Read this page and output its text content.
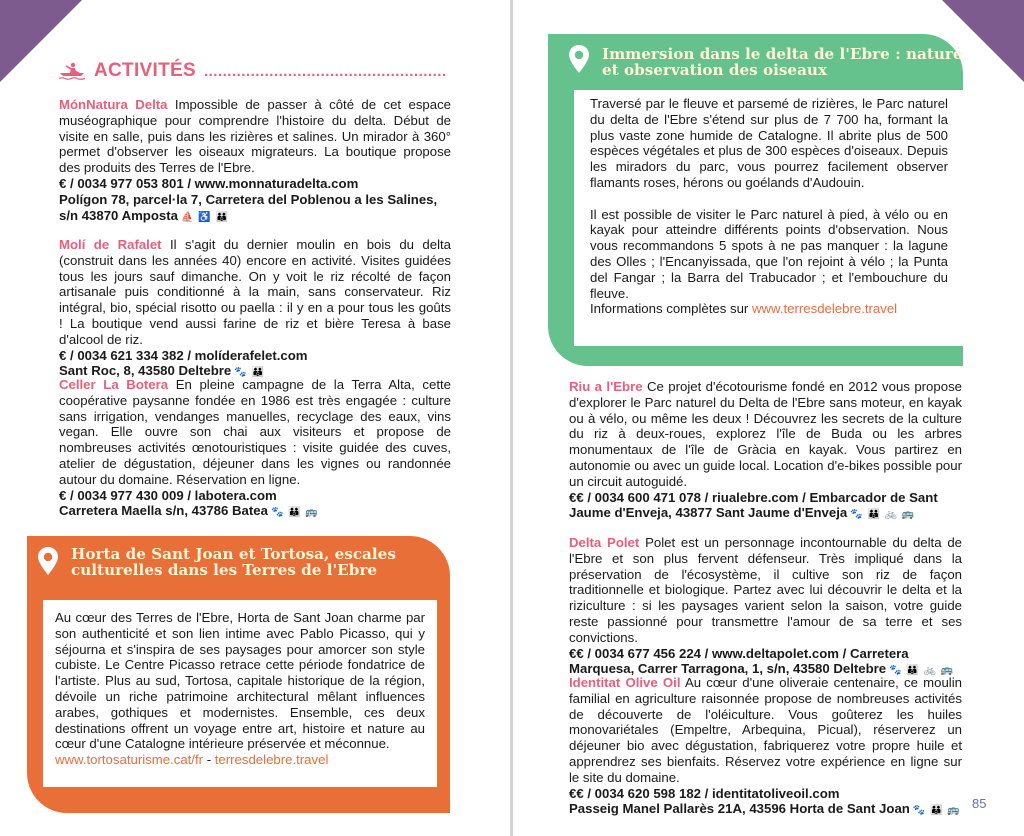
ACTIVITÉS ....................................................
MónNatura Delta Impossible de passer à côté de cet espace muséographique pour comprendre l'histoire du delta. Début de visite en salle, puis dans les rizières et salines. Un mirador à 360° permet d'observer les oiseaux migrateurs. La boutique propose des produits des Terres de l'Ebre.
€ / 0034 977 053 801 / www.monnaturadelta.com
Polígon 78, parcel·la 7, Carretera del Poblenou a les Salines, s/n 43870 Amposta ⛵ ♿ 👪
Molí de Rafalet Il s'agit du dernier moulin en bois du delta (construit dans les années 40) encore en activité. Visites guidées tous les jours sauf dimanche. On y voit le riz récolté de façon artisanale puis conditionné à la main, sans conservateur. Riz intégral, bio, spécial risotto ou paella : il y en a pour tous les goûts ! La boutique vend aussi farine de riz et bière Teresa à base d'alcool de riz.
€ / 0034 621 334 382 / molíderafelet.com
Sant Roc, 8, 43580 Deltebre 🐾 👪
Celler La Botera En pleine campagne de la Terra Alta, cette coopérative paysanne fondée en 1986 est très engagée : culture sans irrigation, vendanges manuelles, recyclage des eaux, vins vegan. Elle ouvre son chai aux visiteurs et propose de nombreuses activités œnotouristiques : visite guidée des cuves, atelier de dégustation, déjeuner dans les vignes ou randonnée autour du domaine. Réservation en ligne.
€ / 0034 977 430 009 / labotera.com
Carretera Maella s/n, 43786 Batea 🐾 👪 🚌
Horta de Sant Joan et Tortosa, escales culturelles dans les Terres de l'Ebre
Au cœur des Terres de l'Ebre, Horta de Sant Joan charme par son authenticité et son lien intime avec Pablo Picasso, qui y séjourna et s'inspira de ses paysages pour amorcer son style cubiste. Le Centre Picasso retrace cette période fondatrice de l'artiste. Plus au sud, Tortosa, capitale historique de la région, dévoile un riche patrimoine architectural mêlant influences arabes, gothiques et modernistes. Ensemble, ces deux destinations offrent un voyage entre art, histoire et nature au cœur d'une Catalogne intérieure préservée et méconnue.
www.tortosaturisme.cat/fr - terresdelebre.travel
Immersion dans le delta de l'Ebre : nature et observation des oiseaux
Traversé par le fleuve et parsemé de rizières, le Parc naturel du delta de l'Ebre s'étend sur plus de 7 700 ha, formant la plus vaste zone humide de Catalogne. Il abrite plus de 500 espèces végétales et plus de 300 espèces d'oiseaux. Depuis les miradors du parc, vous pourrez facilement observer flamants roses, hérons ou goélands d'Audouin.
Il est possible de visiter le Parc naturel à pied, à vélo ou en kayak pour atteindre différents points d'observation. Nous vous recommandons 5 spots à ne pas manquer : la lagune des Olles ; l'Encanyissada, que l'on rejoint à vélo ; la Punta del Fangar ; la Barra del Trabucador ; et l'embouchure du fleuve.
Informations complètes sur www.terresdelebre.travel
Riu a l'Ebre Ce projet d'écotourisme fondé en 2012 vous propose d'explorer le Parc naturel du Delta de l'Ebre sans moteur, en kayak ou à vélo, ou même les deux ! Découvrez les secrets de la culture du riz à deux-roues, explorez l'île de Buda ou les arbres monumentaux de l'île de Gràcia en kayak. Vous partirez en autonomie ou avec un guide local. Location d'e-bikes possible pour un circuit autoguidé.
€€ / 0034 600 471 078 / riualebre.com / Embarcador de Sant Jaume d'Enveja, 43877 Sant Jaume d'Enveja 🐾 👪 🚲 🚌
Delta Polet Polet est un personnage incontournable du delta de l'Ebre et son plus fervent défenseur. Très impliqué dans la préservation de l'écosystème, il cultive son riz de façon traditionnelle et biologique. Partez avec lui découvrir le delta et la riziculture : si les paysages varient selon la saison, votre guide reste passionné pour transmettre l'amour de sa terre et ses convictions.
€€ / 0034 677 456 224 / www.deltapolet.com / Carretera Marquesa, Carrer Tarragona, 1, s/n, 43580 Deltebre 🐾 👪 🚲 🚌
Identitat Olive Oil Au cœur d'une oliveraie centenaire, ce moulin familial en agriculture raisonnée propose de nombreuses activités de découverte de l'oléiculture. Vous goûterez les huiles monovariétales (Empeltre, Arbequina, Picual), réserverez un déjeuner bio avec dégustation, fabriquerez votre propre huile et apprendrez ses bienfaits. Réservez votre expérience en ligne sur le site du domaine.
€€ / 0034 620 598 182 / identitatoliveoil.com
Passeig Manel Pallarès 21A, 43596 Horta de Sant Joan 🐾 👪 🚌 85
